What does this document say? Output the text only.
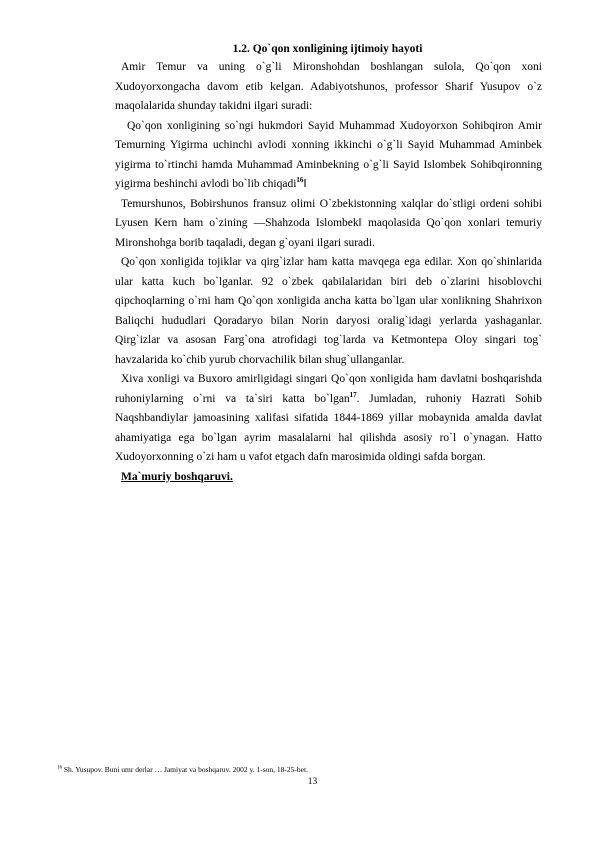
1.2. Qo`qon xonligining ijtimoiy hayoti

Amir Temur va uning o`g`li Mironshohdan boshlangan sulola, Qo`qon xoni Xudoyorxongacha davom etib kelgan. Adabiyotshunos, professor Sharif Yusupov o`z maqolalarida shunday takidni ilgari suradi:

Qo`qon xonligining so`ngi hukmdori Sayid Muhammad Xudoyorxon Sohibqiron Amir Temurning Yigirma uchinchi avlodi xonning ikkinchi o`g`li Sayid Muhammad Aminbek yigirma to`rtinchi hamda Muhammad Aminbekning o`g`li Sayid Islombek Sohibqironning yigirma beshinchi avlodi bo`lib chiqadi$^{16}$‖

Temurshunos, Bobirshunos fransuz olimi O`zbekistonning xalqlar do`stligi ordeni sohibi Lyusen Kern ham o`zining ―Shahzoda Islombek‖ maqolasida Qo`qon xonlari temuriy Mironshohga borib taqaladi, degan g`oyani ilgari suradi.

Qo`qon xonligida tojiklar va qirg`izlar ham katta mavqega ega edilar. Xon qo`shinlarida ular katta kuch bo`lganlar. 92 o`zbek qabilalaridan biri deb o`zlarini hisoblovchi qipchoqlarning o`rni ham Qo`qon xonligida ancha katta bo`lgan ular xonlikning Shahrixon Baliqchi hududlari Qoradaryo bilan Norin daryosi oralig`idagi yerlarda yashaganlar. Qirg`izlar va asosan Farg`ona atrofidagi tog`larda va Ketmontepa Oloy singari tog` havzalarida ko`chib yurub chorvachilik bilan shug`ullanganlar.

Xiva xonligi va Buxoro amirligidagi singari Qo`qon xonligida ham davlatni boshqarishda ruhoniylarning o`rni va ta`siri katta bo`lgan$^{17}$. Jumladan, ruhoniy Hazrati Sohib Naqshbandiylar jamoasining xalifasi sifatida 1844-1869 yillar mobaynida amalda davlat ahamiyatiga ega bo`lgan ayrim masalalarni hal qilishda asosiy ro`l o`ynagan. Hatto Xudoyorxonning o`zi ham u vafot etgach dafn marosimida oldingi safda borgan.

Ma`muriy boshqaruvi.

$^{16}$ Sh. Yusupov. Buni umr derlar … Jamiyat va boshqaruv. 2002 y. 1-son, 18-25-bet.
13
